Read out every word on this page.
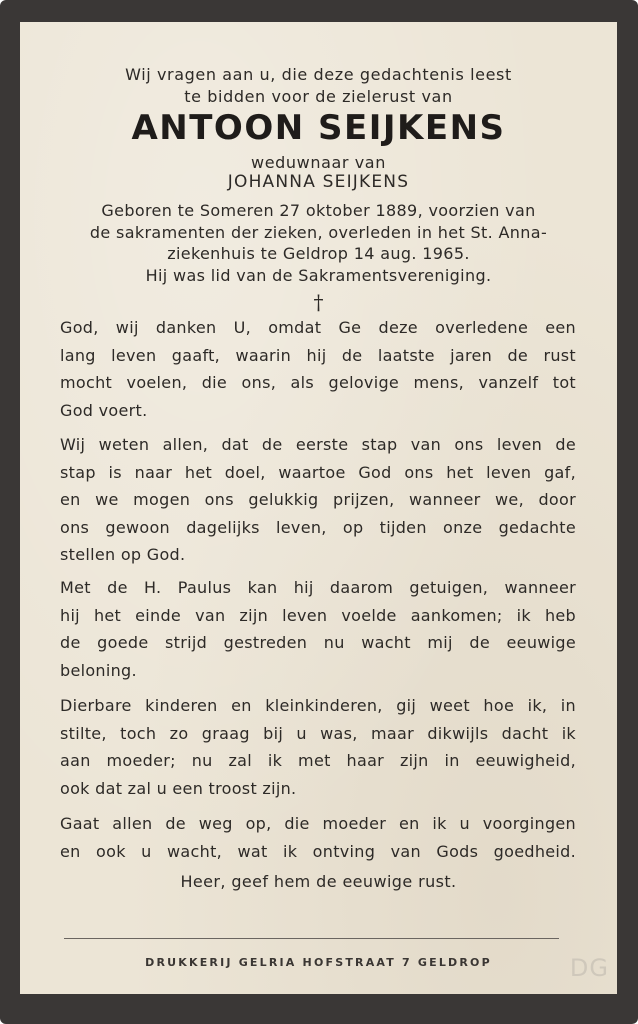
Wij vragen aan u, die deze gedachtenis leest
te bidden voor de zielerust van
ANTOON SEIJKENS
weduwnaar van
JOHANNA SEIJKENS
Geboren te Someren 27 oktober 1889, voorzien van
de sakramenten der zieken, overleden in het St. Anna-
ziekenhuis te Geldrop 14 aug. 1965.
Hij was lid van de Sakramentsvereniging.
†
God, wij danken U, omdat Ge deze overledene een
lang leven gaaft, waarin hij de laatste jaren de rust
mocht voelen, die ons, als gelovige mens, vanzelf tot
God voert.
Wij weten allen, dat de eerste stap van ons leven de
stap is naar het doel, waartoe God ons het leven gaf,
en we mogen ons gelukkig prijzen, wanneer we, door
ons gewoon dagelijks leven, op tijden onze gedachte
stellen op God.
Met de H. Paulus kan hij daarom getuigen, wanneer
hij het einde van zijn leven voelde aankomen; ik heb
de goede strijd gestreden nu wacht mij de eeuwige
beloning.
Dierbare kinderen en kleinkinderen, gij weet hoe ik, in
stilte, toch zo graag bij u was, maar dikwijls dacht ik
aan moeder; nu zal ik met haar zijn in eeuwigheid,
ook dat zal u een troost zijn.
Gaat allen de weg op, die moeder en ik u voorgingen
en ook u wacht, wat ik ontving van Gods goedheid.
Heer, geef hem de eeuwige rust.
DRUKKERIJ GELRIA HOFSTRAAT 7 GELDROP	DG
